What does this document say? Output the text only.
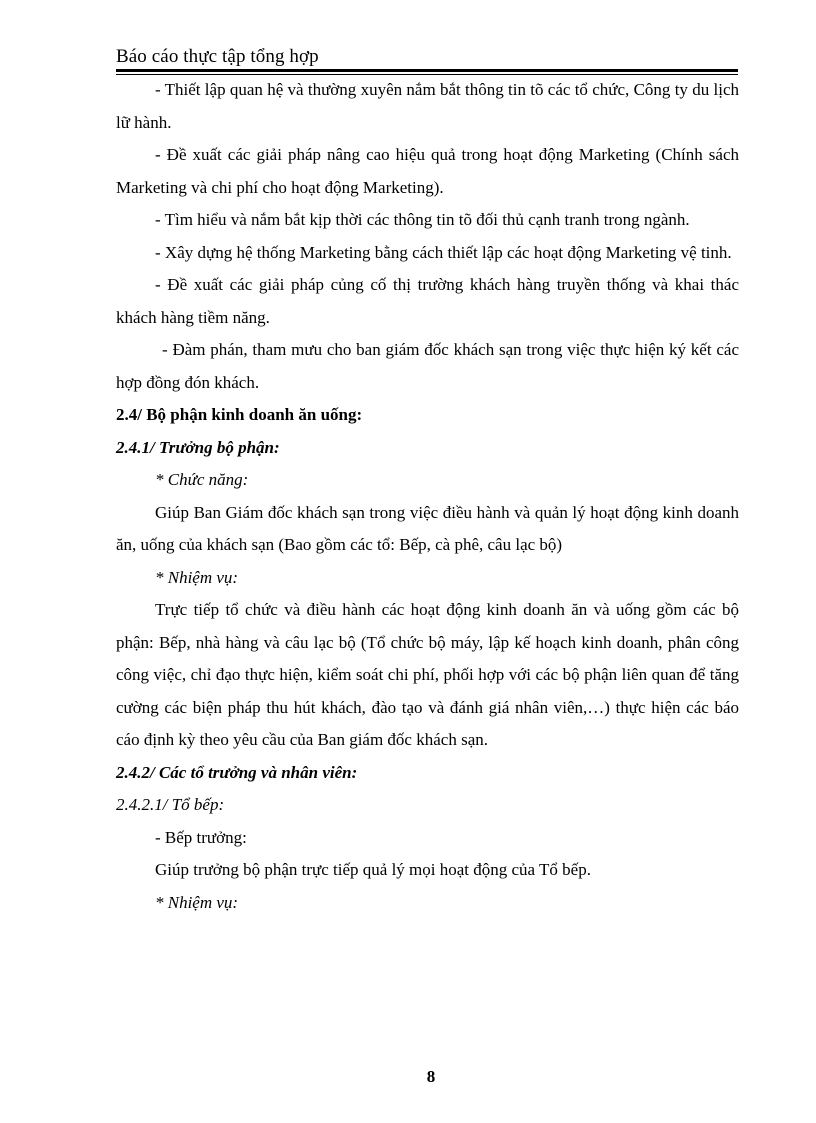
Báo cáo thực tập tổng hợp

- Thiết lập quan hệ và thường xuyên nắm bắt thông tin tõ các tổ chức, Công ty du lịch lữ hành.

- Đề xuất các giải pháp nâng cao hiệu quả trong hoạt động Marketing (Chính sách Marketing và chi phí cho hoạt động Marketing).

- Tìm hiểu và nắm bắt kịp thời các thông tin tõ đối thủ cạnh tranh trong ngành.

- Xây dựng hệ thống Marketing bằng cách thiết lập các hoạt động Marketing vệ tinh.

- Đề xuất các giải pháp củng cố thị trường khách hàng truyền thống và khai thác khách hàng tiềm năng.

- Đàm phán, tham mưu cho ban giám đốc khách sạn trong việc thực hiện ký kết các hợp đồng đón khách.

2.4/ Bộ phận kinh doanh ăn uống:

2.4.1/ Trưởng bộ phận:

* Chức năng:

Giúp Ban Giám đốc khách sạn trong việc điều hành và quản lý hoạt động kinh doanh ăn, uống của khách sạn (Bao gồm các tổ: Bếp, cà phê, câu lạc bộ)

* Nhiệm vụ:

Trực tiếp tổ chức và điều hành các hoạt động kinh doanh ăn và uống gồm các bộ phận: Bếp, nhà hàng và câu lạc bộ (Tổ chức bộ máy, lập kế hoạch kinh doanh, phân công công việc, chỉ đạo thực hiện, kiểm soát chi phí, phối hợp với các bộ phận liên quan để tăng cường các biện pháp thu hút khách, đào tạo và đánh giá nhân viên,…) thực hiện các báo cáo định kỳ theo yêu cầu của Ban giám đốc khách sạn.

2.4.2/ Các tổ trưởng và nhân viên:

2.4.2.1/ Tổ bếp:

- Bếp trưởng:

Giúp trưởng bộ phận trực tiếp quả lý mọi hoạt động của Tổ bếp.

* Nhiệm vụ:

8
